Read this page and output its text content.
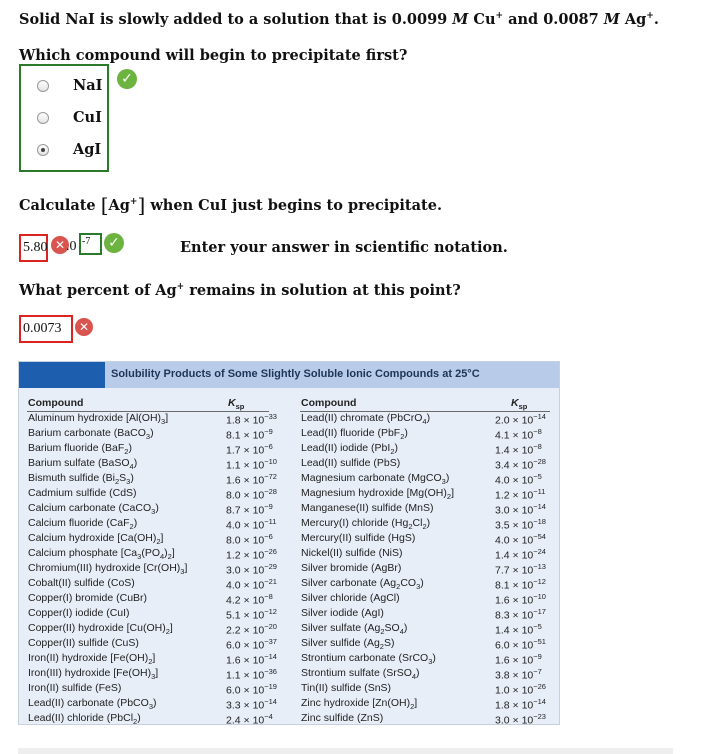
Solid NaI is slowly added to a solution that is 0.0099 M Cu+ and 0.0087 M Ag+.
Which compound will begin to precipitate first?
NaI
CuI
AgI
✓
Calculate [Ag+] when CuI just begins to precipitate.
5.80 ✕ .0 -7	✓	Enter your answer in scientific notation.
What percent of Ag+ remains in solution at this point?
0.0073	✕
Solubility Products of Some Slightly Soluble Ionic Compounds at 25°C
Compound	$K_{sp}$	Compound	$K_{sp}$
Aluminum hydroxide $[Al(OH)_3]$	$1.8 \times 10^{-33}$
Barium carbonate (BaCO$_3$)	$8.1 \times 10^{-9}$
Barium fluoride (BaF$_2$)	$1.7 \times 10^{-6}$
Barium sulfate (BaSO$_4$)	$1.1 \times 10^{-10}$
Bismuth sulfide $(Bi_2S_3)$	$1.6 \times 10^{-72}$
Cadmium sulfide (CdS)	$8.0 \times 10^{-28}$
Calcium carbonate (CaCO$_3$)	$8.7 \times 10^{-9}$
Calcium fluoride (CaF$_2$)	$4.0 \times 10^{-11}$
Calcium hydroxide $[Ca(OH)_2]$	$8.0 \times 10^{-6}$
Calcium phosphate $[Ca_3(PO_4)_2]$	$1.2 \times 10^{-26}$
Chromium(III) hydroxide $[Cr(OH)_3]$	$3.0 \times 10^{-29}$
Cobalt(II) sulfide (CoS)	$4.0 \times 10^{-21}$
Copper(I) bromide (CuBr)	$4.2 \times 10^{-8}$
Copper(I) iodide (CuI)	$5.1 \times 10^{-12}$
Copper(II) hydroxide $[Cu(OH)_2]$	$2.2 \times 10^{-20}$
Copper(II) sulfide (CuS)	$6.0 \times 10^{-37}$
Iron(II) hydroxide $[Fe(OH)_2]$	$1.6 \times 10^{-14}$
Iron(III) hydroxide $[Fe(OH)_3]$	$1.1 \times 10^{-36}$
Iron(II) sulfide (FeS)	$6.0 \times 10^{-19}$
Lead(II) carbonate (PbCO$_3$)	$3.3 \times 10^{-14}$
Lead(II) chloride (PbCl$_2$)	$2.4 \times 10^{-4}$
Lead(II) chromate (PbCrO$_4$)	$2.0 \times 10^{-14}$
Lead(II) fluoride (PbF$_2$)	$4.1 \times 10^{-8}$
Lead(II) iodide (PbI$_2$)	$1.4 \times 10^{-8}$
Lead(II) sulfide (PbS)	$3.4 \times 10^{-28}$
Magnesium carbonate (MgCO$_3$)	$4.0 \times 10^{-5}$
Magnesium hydroxide $[Mg(OH)_2]$	$1.2 \times 10^{-11}$
Manganese(II) sulfide (MnS)	$3.0 \times 10^{-14}$
Mercury(I) chloride $(Hg_2Cl_2)$	$3.5 \times 10^{-18}$
Mercury(II) sulfide (HgS)	$4.0 \times 10^{-54}$
Nickel(II) sulfide (NiS)	$1.4 \times 10^{-24}$
Silver bromide (AgBr)	$7.7 \times 10^{-13}$
Silver carbonate $(Ag_2CO_3)$	$8.1 \times 10^{-12}$
Silver chloride (AgCl)	$1.6 \times 10^{-10}$
Silver iodide (AgI)	$8.3 \times 10^{-17}$
Silver sulfate $(Ag_2SO_4)$	$1.4 \times 10^{-5}$
Silver sulfide $(Ag_2S)$	$6.0 \times 10^{-51}$
Strontium carbonate (SrCO$_3$)	$1.6 \times 10^{-9}$
Strontium sulfate (SrSO$_4$)	$3.8 \times 10^{-7}$
Tin(II) sulfide (SnS)	$1.0 \times 10^{-26}$
Zinc hydroxide $[Zn(OH)_2]$	$1.8 \times 10^{-14}$
Zinc sulfide (ZnS)	$3.0 \times 10^{-23}$
